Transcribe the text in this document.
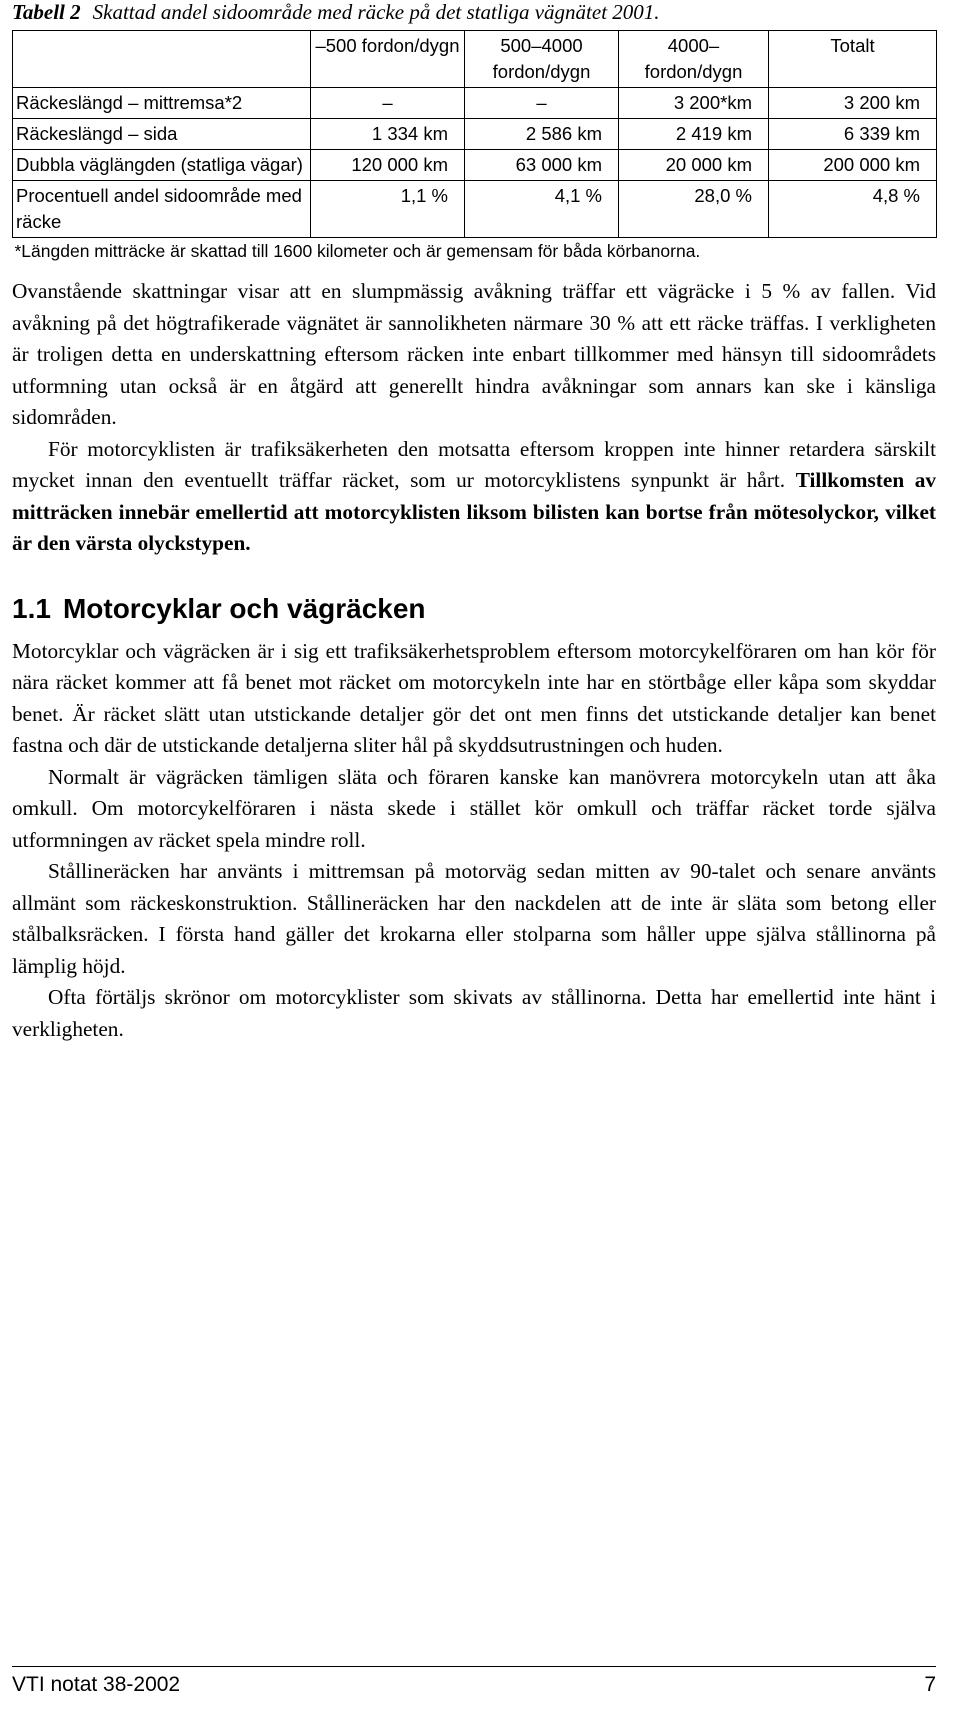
Tabell 2 Skattad andel sidoområde med räcke på det statliga vägnätet 2001.

	–500 fordon/dygn	500–4000 fordon/dygn	4000– fordon/dygn	Totalt
Räckeslängd – mittremsa*2	–	–	3 200*km	3 200 km
Räckeslängd – sida	1 334 km	2 586 km	2 419 km	6 339 km
Dubbla väglängden (statliga vägar)	120 000 km	63 000 km	20 000 km	200 000 km
Procentuell andel sidoområde med räcke	1,1 %	4,1 %	28,0 %	4,8 %
*Längden mitträcke är skattad till 1600 kilometer och är gemensam för båda körbanorna.				

Ovanstående skattningar visar att en slumpmässig avåkning träffar ett vägräcke i 5 % av fallen. Vid avåkning på det högtrafikerade vägnätet är sannolikheten närmare 30 % att ett räcke träffas. I verkligheten är troligen detta en underskattning eftersom räcken inte enbart tillkommer med hänsyn till sidoområdets utformning utan också är en åtgärd att generellt hindra avåkningar som annars kan ske i känsliga sidområden.

För motorcyklisten är trafiksäkerheten den motsatta eftersom kroppen inte hinner retardera särskilt mycket innan den eventuellt träffar räcket, som ur motorcyklistens synpunkt är hårt. Tillkomsten av mitträcken innebär emellertid att motorcyklisten liksom bilisten kan bortse från mötesolyckor, vilket är den värsta olyckstypen.

1.1 Motorcyklar och vägräcken

Motorcyklar och vägräcken är i sig ett trafiksäkerhetsproblem eftersom motorcykelföraren om han kör för nära räcket kommer att få benet mot räcket om motorcykeln inte har en störtbåge eller kåpa som skyddar benet. Är räcket slätt utan utstickande detaljer gör det ont men finns det utstickande detaljer kan benet fastna och där de utstickande detaljerna sliter hål på skyddsutrustningen och huden.

Normalt är vägräcken tämligen släta och föraren kanske kan manövrera motorcykeln utan att åka omkull. Om motorcykelföraren i nästa skede i stället kör omkull och träffar räcket torde själva utformningen av räcket spela mindre roll.

Stållineräcken har använts i mittremsan på motorväg sedan mitten av 90-talet och senare använts allmänt som räckeskonstruktion. Stållineräcken har den nackdelen att de inte är släta som betong eller stålbalksräcken. I första hand gäller det krokarna eller stolparna som håller uppe själva stållinorna på lämplig höjd.

Ofta förtäljs skrönor om motorcyklister som skivats av stållinorna. Detta har emellertid inte hänt i verkligheten.

VTI notat 38-2002	7
